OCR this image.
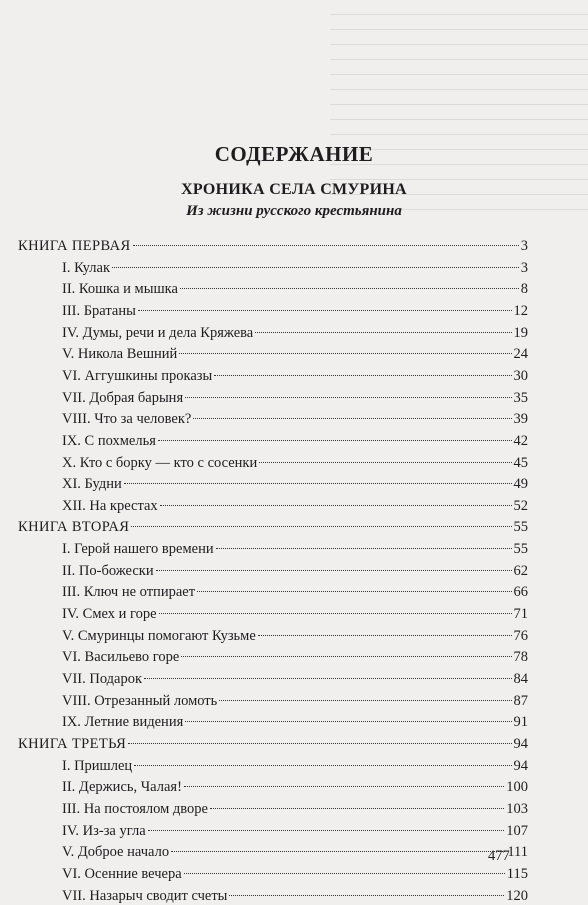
СОДЕРЖАНИЕ
ХРОНИКА СЕЛА СМУРИНА
Из жизни русского крестьянина
КНИГА ПЕРВАЯ	3
I. Кулак	3
II. Кошка и мышка	8
III. Братаны	12
IV. Думы, речи и дела Кряжева	19
V. Никола Вешний	24
VI. Аггушкины проказы	30
VII. Добрая барыня	35
VIII. Что за человек?	39
IX. С похмелья	42
X. Кто с борку — кто с сосенки	45
XI. Будни	49
XII. На крестах	52
КНИГА ВТОРАЯ	55
I. Герой нашего времени	55
II. По-божески	62
III. Ключ не отпирает	66
IV. Смех и горе	71
V. Смуринцы помогают Кузьме	76
VI. Васильево горе	78
VII. Подарок	84
VIII. Отрезанный ломоть	87
IX. Летние видения	91
КНИГА ТРЕТЬЯ	94
I. Пришлец	94
II. Держись, Чалая!	100
III. На постоялом дворе	103
IV. Из-за угла	107
V. Доброе начало	111
VI. Осенние вечера	115
VII. Назарыч сводит счеты	120
477
